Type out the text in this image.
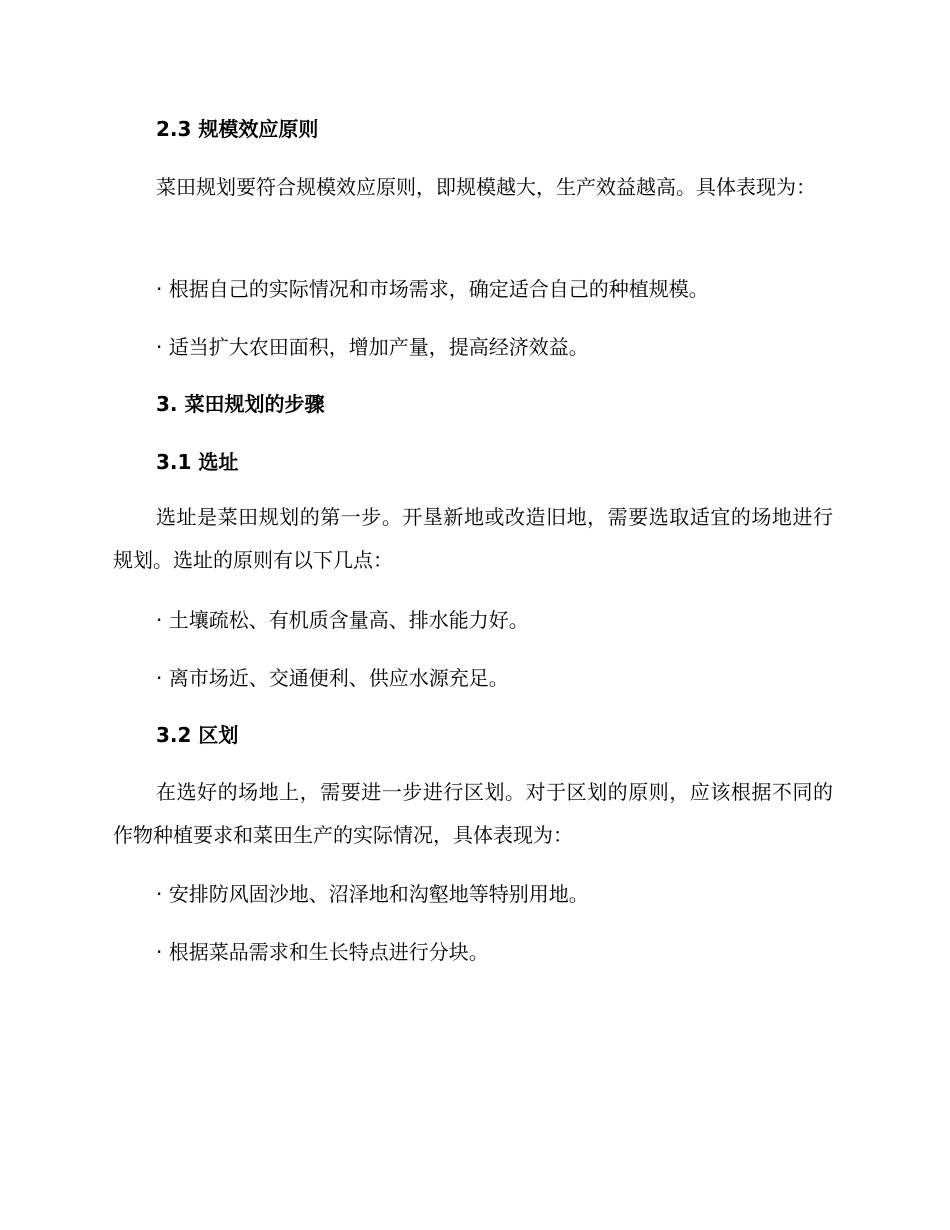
2.3 规模效应原则
菜田规划要符合规模效应原则，即规模越大，生产效益越高。具体表现为：
· 根据自己的实际情况和市场需求，确定适合自己的种植规模。
· 适当扩大农田面积，增加产量，提高经济效益。
3. 菜田规划的步骤
3.1 选址
选址是菜田规划的第一步。开垦新地或改造旧地，需要选取适宜的场地进行规划。选址的原则有以下几点：
· 土壤疏松、有机质含量高、排水能力好。
· 离市场近、交通便利、供应水源充足。
3.2 区划
在选好的场地上，需要进一步进行区划。对于区划的原则，应该根据不同的作物种植要求和菜田生产的实际情况，具体表现为：
· 安排防风固沙地、沼泽地和沟壑地等特别用地。
· 根据菜品需求和生长特点进行分块。
